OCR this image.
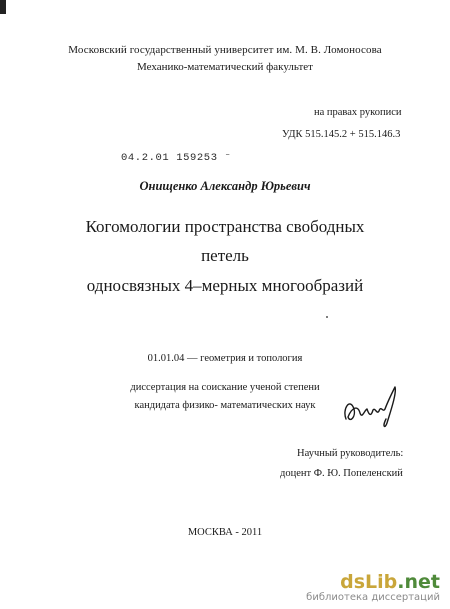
Московский государственный университет им. М. В. Ломоносова
Механико-математический факультет
на правах рукописи
УДК 515.145.2 + 515.146.3
04.2.01 159253 ⁻
Онищенко Александр Юрьевич
Когомологии пространства свободных
петель
односвязных 4–мерных многообразий
01.01.04 — геометрия и топология
диссертация на соискание ученой степени
кандидата физико- математических наук
Научный руководитель:
доцент Ф. Ю. Попеленский
МОСКВА - 2011
dsLib.net
библиотека диссертаций
